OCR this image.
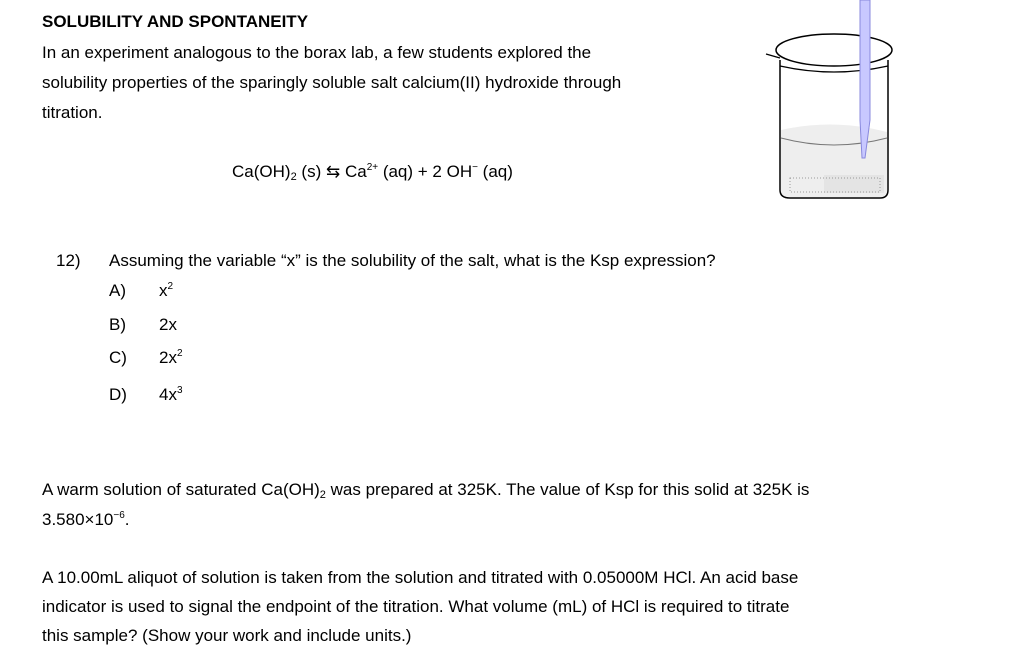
SOLUBILITY AND SPONTANEITY
In an experiment analogous to the borax lab, a few students explored the
solubility properties of the sparingly soluble salt calcium(II) hydroxide through
titration.
$Ca(OH)_2$ (s) ⇆ $Ca^{2+}$ (aq) + 2 OH− (aq)
12) Assuming the variable “x” is the solubility of the salt, what is the Ksp expression?
A) $x^2$
B) 2x
C) $2x^2$
D) $4x^3$
A warm solution of saturated $Ca(OH)_2$ was prepared at 325K. The value of Ksp for this solid at 325K is
$3.580\times 10^{-6}$.
A 10.00mL aliquot of solution is taken from the solution and titrated with 0.05000M HCl. An acid base
indicator is used to signal the endpoint of the titration. What volume (mL) of HCl is required to titrate
this sample? (Show your work and include units.)
